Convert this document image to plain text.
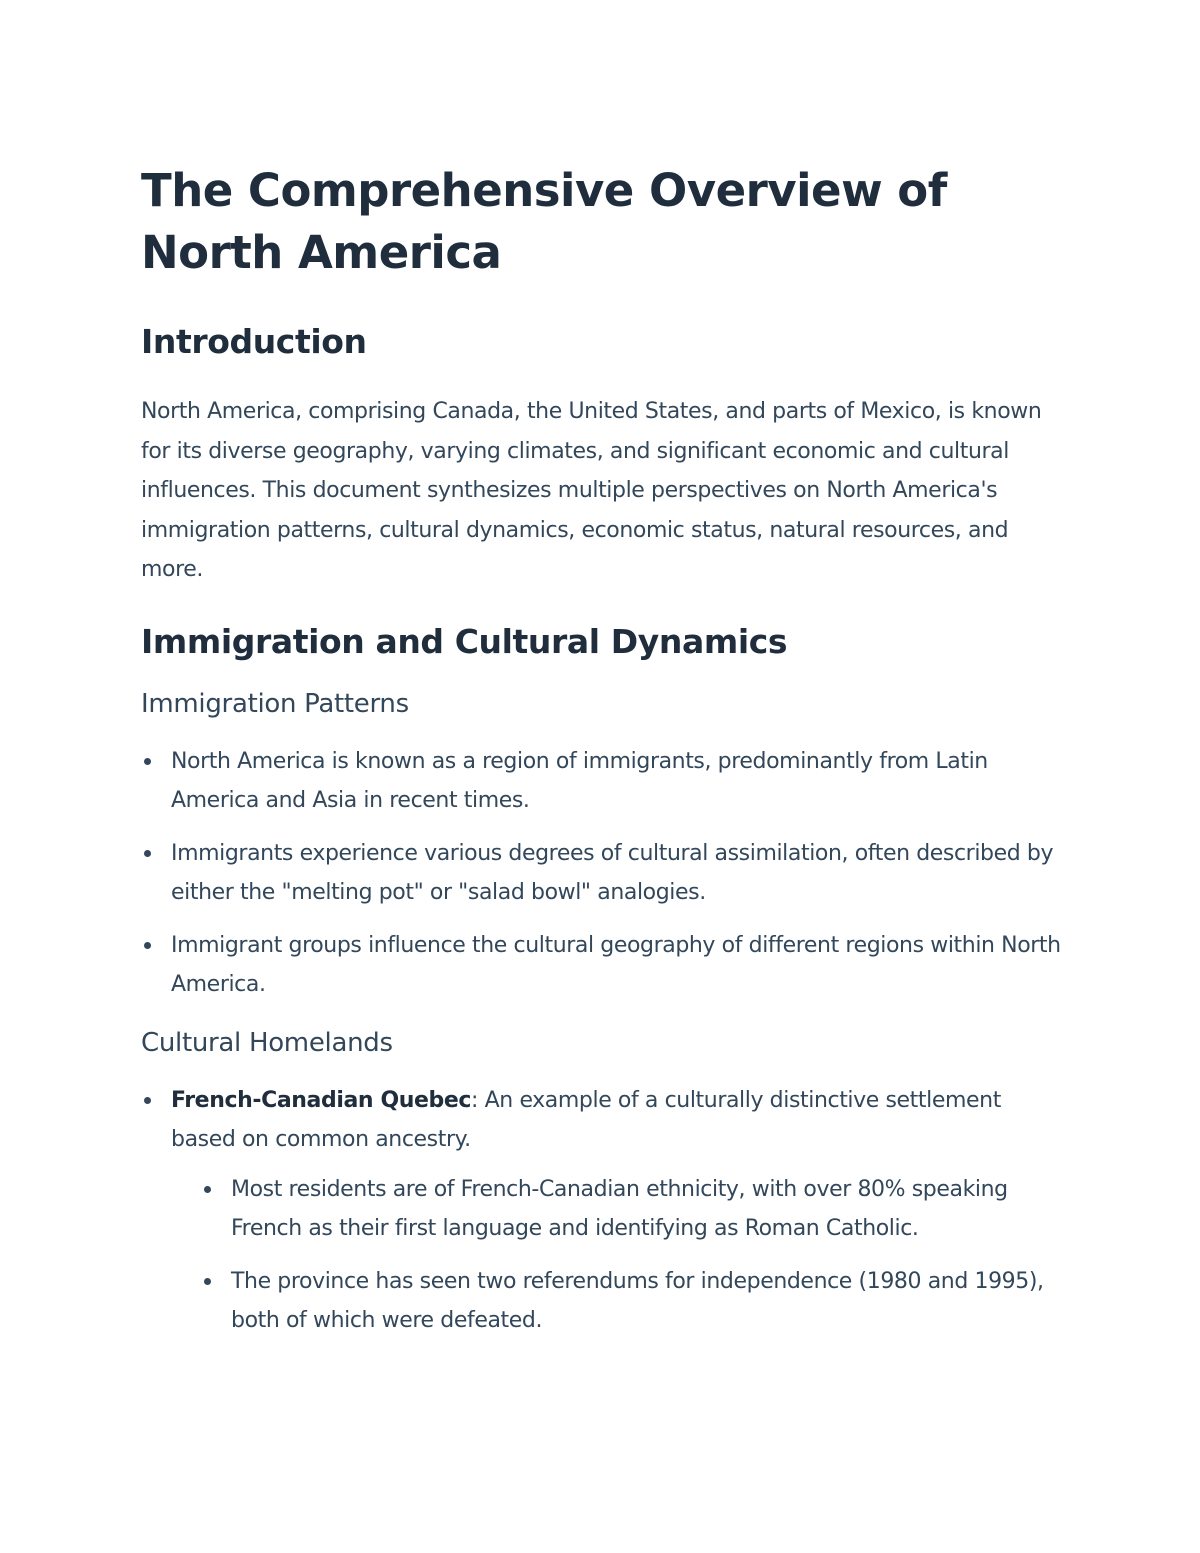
The Comprehensive Overview of North America
Introduction

North America, comprising Canada, the United States, and parts of Mexico, is known for its diverse geography, varying climates, and significant economic and cultural influences. This document synthesizes multiple perspectives on North America's immigration patterns, cultural dynamics, economic status, natural resources, and more.

Immigration and Cultural Dynamics
Immigration Patterns
North America is known as a region of immigrants, predominantly from Latin America and Asia in recent times.
Immigrants experience various degrees of cultural assimilation, often described by either the "melting pot" or "salad bowl" analogies.
Immigrant groups influence the cultural geography of different regions within North America.
Cultural Homelands
French-Canadian Quebec: An example of a culturally distinctive settlement based on common ancestry.
Most residents are of French-Canadian ethnicity, with over 80% speaking French as their first language and identifying as Roman Catholic.
The province has seen two referendums for independence (1980 and 1995), both of which were defeated.
